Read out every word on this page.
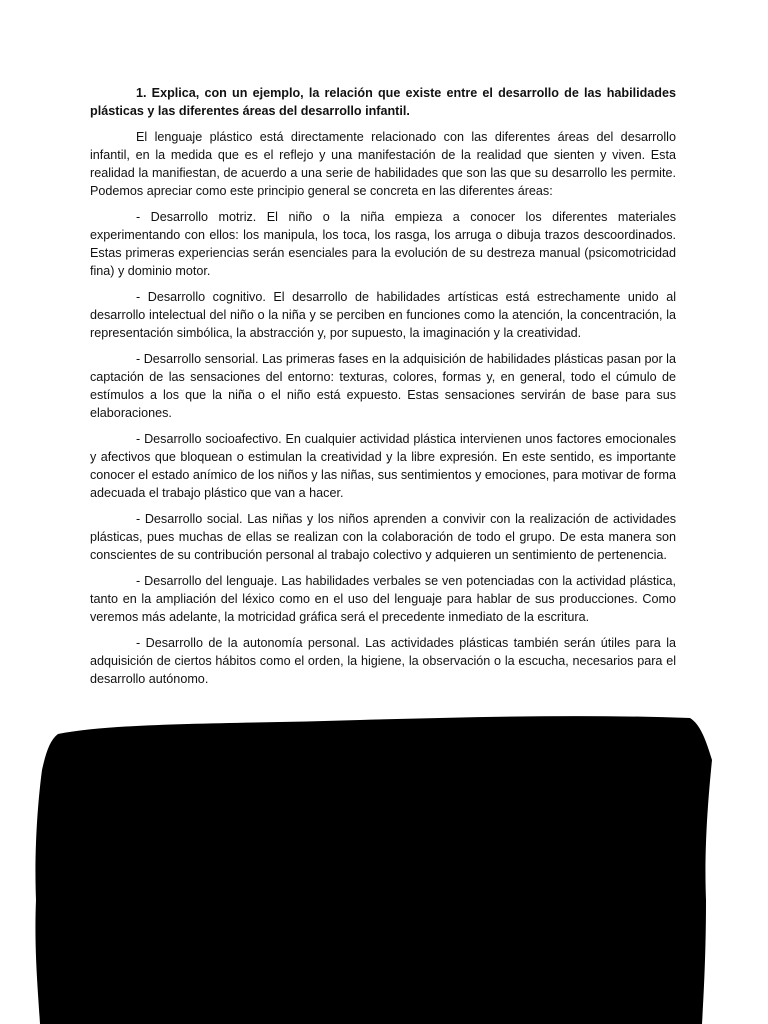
1. Explica, con un ejemplo, la relación que existe entre el desarrollo de las habilidades plásticas y las diferentes áreas del desarrollo infantil.

El lenguaje plástico está directamente relacionado con las diferentes áreas del desarrollo infantil, en la medida que es el reflejo y una manifestación de la realidad que sienten y viven. Esta realidad la manifiestan, de acuerdo a una serie de habilidades que son las que su desarrollo les permite. Podemos apreciar como este principio general se concreta en las diferentes áreas:

- Desarrollo motriz. El niño o la niña empieza a conocer los diferentes materiales experimentando con ellos: los manipula, los toca, los rasga, los arruga o dibuja trazos descoordinados. Estas primeras experiencias serán esenciales para la evolución de su destreza manual (psicomotricidad fina) y dominio motor.

- Desarrollo cognitivo. El desarrollo de habilidades artísticas está estrechamente unido al desarrollo intelectual del niño o la niña y se perciben en funciones como la atención, la concentración, la representación simbólica, la abstracción y, por supuesto, la imaginación y la creatividad.

- Desarrollo sensorial. Las primeras fases en la adquisición de habilidades plásticas pasan por la captación de las sensaciones del entorno: texturas, colores, formas y, en general, todo el cúmulo de estímulos a los que la niña o el niño está expuesto. Estas sensaciones servirán de base para sus elaboraciones.

- Desarrollo socioafectivo. En cualquier actividad plástica intervienen unos factores emocionales y afectivos que bloquean o estimulan la creatividad y la libre expresión. En este sentido, es importante conocer el estado anímico de los niños y las niñas, sus sentimientos y emociones, para motivar de forma adecuada el trabajo plástico que van a hacer.

- Desarrollo social. Las niñas y los niños aprenden a convivir con la realización de actividades plásticas, pues muchas de ellas se realizan con la colaboración de todo el grupo. De esta manera son conscientes de su contribución personal al trabajo colectivo y adquieren un sentimiento de pertenencia.

- Desarrollo del lenguaje. Las habilidades verbales se ven potenciadas con la actividad plástica, tanto en la ampliación del léxico como en el uso del lenguaje para hablar de sus producciones. Como veremos más adelante, la motricidad gráfica será el precedente inmediato de la escritura.

- Desarrollo de la autonomía personal. Las actividades plásticas también serán útiles para la adquisición de ciertos hábitos como el orden, la higiene, la observación o la escucha, necesarios para el desarrollo autónomo.
